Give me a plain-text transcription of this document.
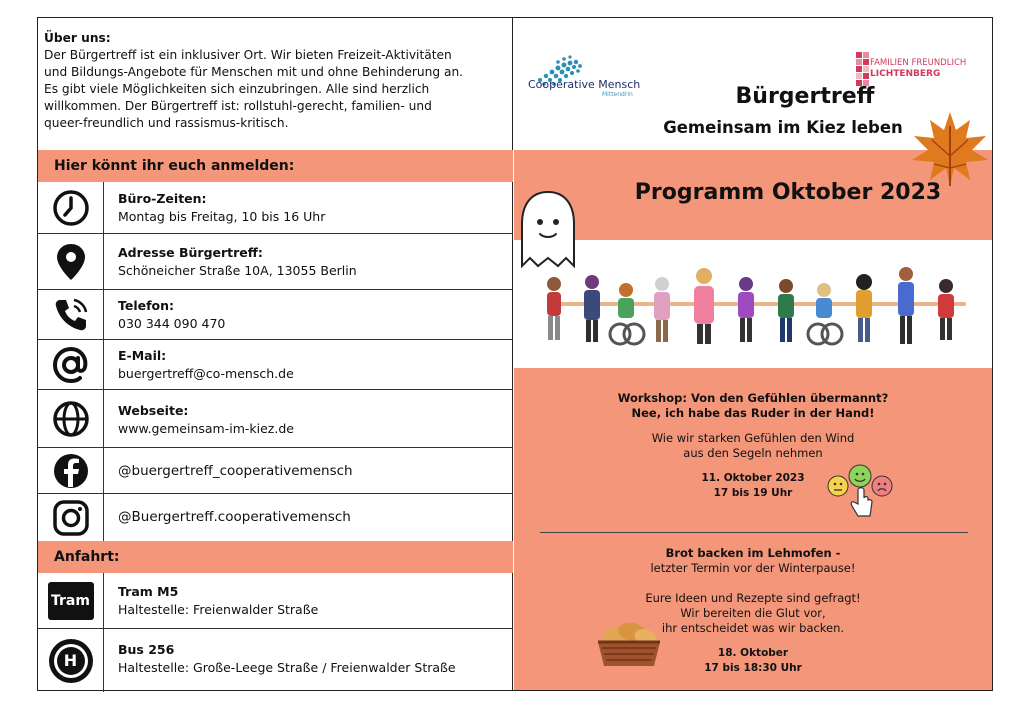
Über uns:
Der Bürgertreff ist ein inklusiver Ort. Wir bieten Freizeit-Aktivitäten
und Bildungs-Angebote für Menschen mit und ohne Behinderung an.
Es gibt viele Möglichkeiten sich einzubringen. Alle sind herzlich
willkommen. Der Bürgertreff ist: rollstuhl-gerecht, familien- und
queer-freundlich und rassismus-kritisch.
Hier könnt ihr euch anmelden:
Büro-Zeiten:
Montag bis Freitag, 10 bis 16 Uhr
Adresse Bürgertreff:
Schöneicher Straße 10A, 13055 Berlin
Telefon:
030 344 090 470
E-Mail:
buergertreff@co-mensch.de
Webseite:
www.gemeinsam-im-kiez.de
@buergertreff_cooperativemensch
@Buergertreff.cooperativemensch
Anfahrt:
Tram
Tram M5
Haltestelle: Freienwalder Straße
H
Bus 256
Haltestelle: Große-Leege Straße / Freienwalder Straße
Cooperative Mensch
Mittendrin
FAMILIEN FREUNDLICH
LICHTENBERG
Bürgertreff
Gemeinsam im Kiez leben
Programm Oktober 2023
Workshop: Von den Gefühlen übermannt?
Nee, ich habe das Ruder in der Hand!
Wie wir starken Gefühlen den Wind
aus den Segeln nehmen
11. Oktober 2023
17 bis 19 Uhr
Brot backen im Lehmofen -
letzter Termin vor der Winterpause!
Eure Ideen und Rezepte sind gefragt!
Wir bereiten die Glut vor,
ihr entscheidet was wir backen.
18. Oktober
17 bis 18:30 Uhr
